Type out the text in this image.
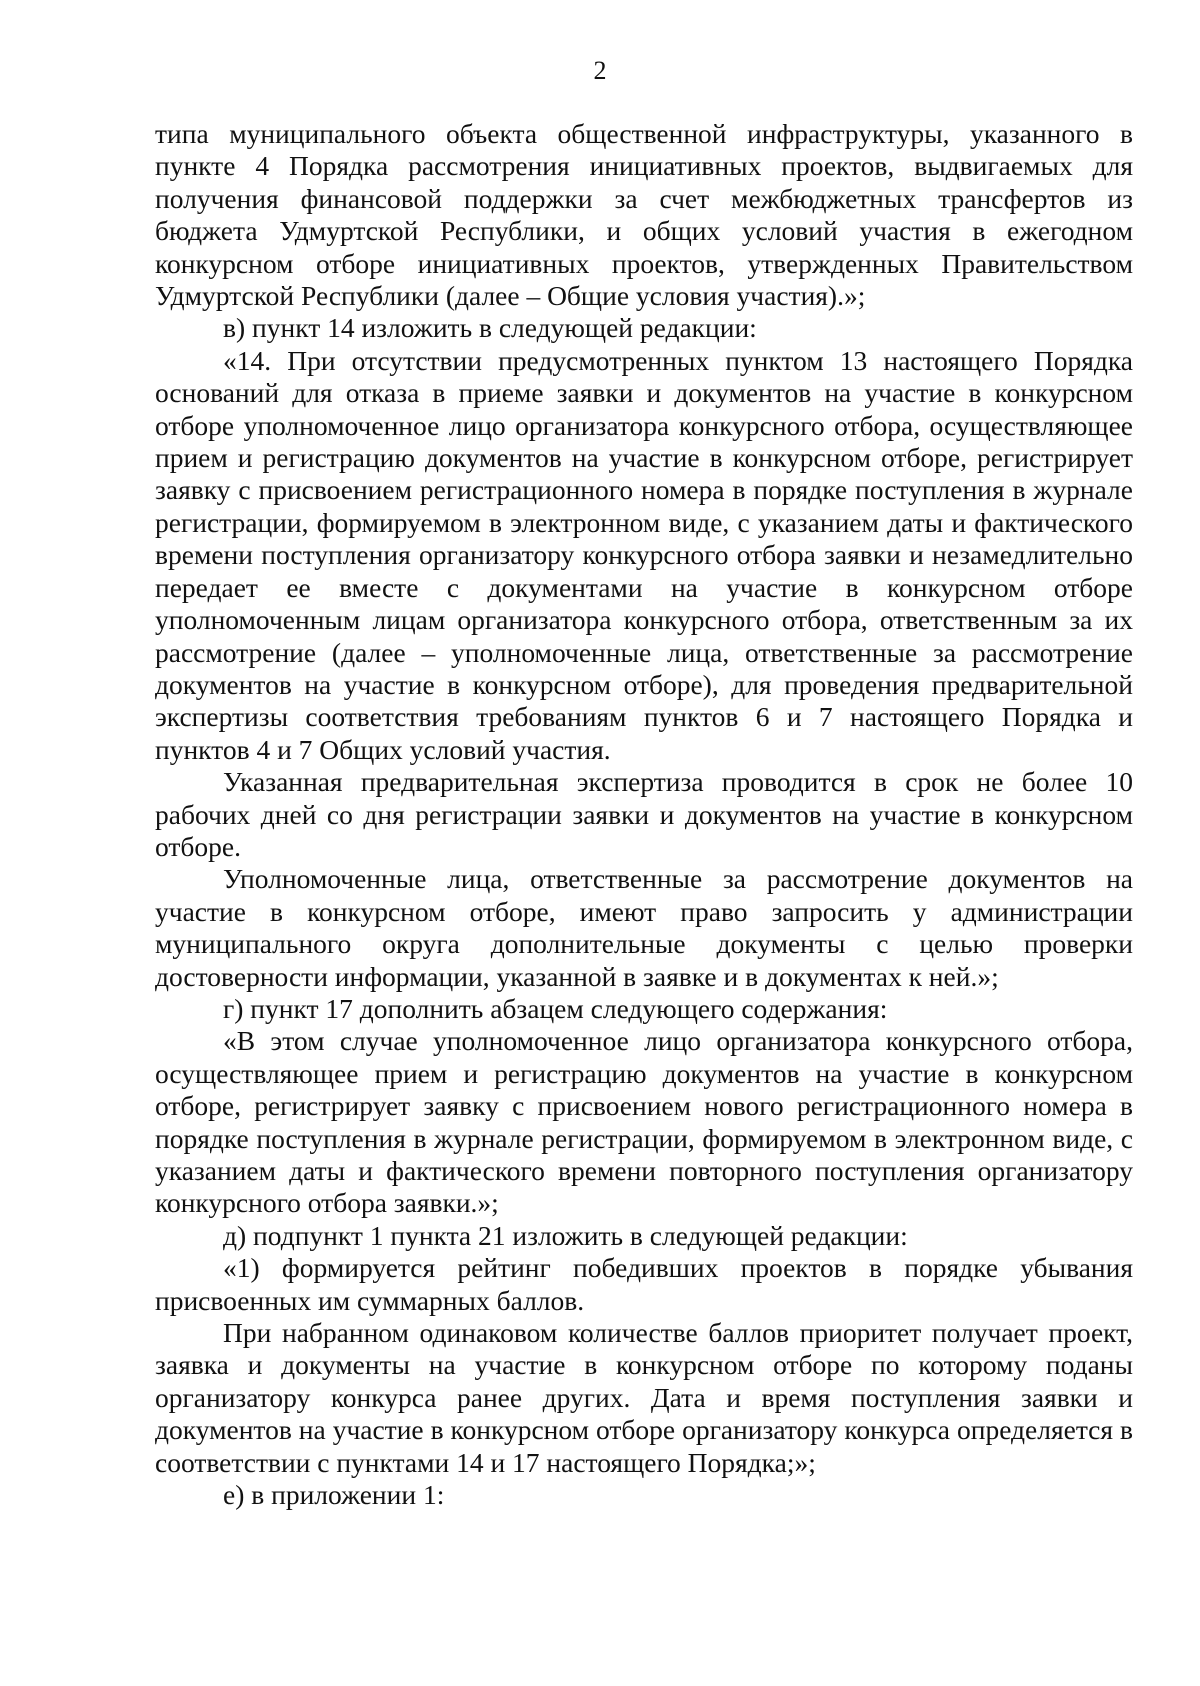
2

типа муниципального объекта общественной инфраструктуры, указанного в пункте 4 Порядка рассмотрения инициативных проектов, выдвигаемых для получения финансовой поддержки за счет межбюджетных трансфертов из бюджета Удмуртской Республики, и общих условий участия в ежегодном конкурсном отборе инициативных проектов, утвержденных Правительством Удмуртской Республики (далее – Общие условия участия).»;

в) пункт 14 изложить в следующей редакции:

«14. При отсутствии предусмотренных пунктом 13 настоящего Порядка оснований для отказа в приеме заявки и документов на участие в конкурсном отборе уполномоченное лицо организатора конкурсного отбора, осуществляющее прием и регистрацию документов на участие в конкурсном отборе, регистрирует заявку с присвоением регистрационного номера в порядке поступления в журнале регистрации, формируемом в электронном виде, с указанием даты и фактического времени поступления организатору конкурсного отбора заявки и незамедлительно передает ее вместе с документами на участие в конкурсном отборе уполномоченным лицам организатора конкурсного отбора, ответственным за их рассмотрение (далее – уполномоченные лица, ответственные за рассмотрение документов на участие в конкурсном отборе), для проведения предварительной экспертизы соответствия требованиям пунктов 6 и 7 настоящего Порядка и пунктов 4 и 7 Общих условий участия.

Указанная предварительная экспертиза проводится в срок не более 10 рабочих дней со дня регистрации заявки и документов на участие в конкурсном отборе.

Уполномоченные лица, ответственные за рассмотрение документов на участие в конкурсном отборе, имеют право запросить у администрации муниципального округа дополнительные документы с целью проверки достоверности информации, указанной в заявке и в документах к ней.»;

г) пункт 17 дополнить абзацем следующего содержания:

«В этом случае уполномоченное лицо организатора конкурсного отбора, осуществляющее прием и регистрацию документов на участие в конкурсном отборе, регистрирует заявку с присвоением нового регистрационного номера в порядке поступления в журнале регистрации, формируемом в электронном виде, с указанием даты и фактического времени повторного поступления организатору конкурсного отбора заявки.»;

д) подпункт 1 пункта 21 изложить в следующей редакции:

«1) формируется рейтинг победивших проектов в порядке убывания присвоенных им суммарных баллов.

При набранном одинаковом количестве баллов приоритет получает проект, заявка и документы на участие в конкурсном отборе по которому поданы организатору конкурса ранее других. Дата и время поступления заявки и документов на участие в конкурсном отборе организатору конкурса определяется в соответствии с пунктами 14 и 17 настоящего Порядка;»;

е) в приложении 1:
